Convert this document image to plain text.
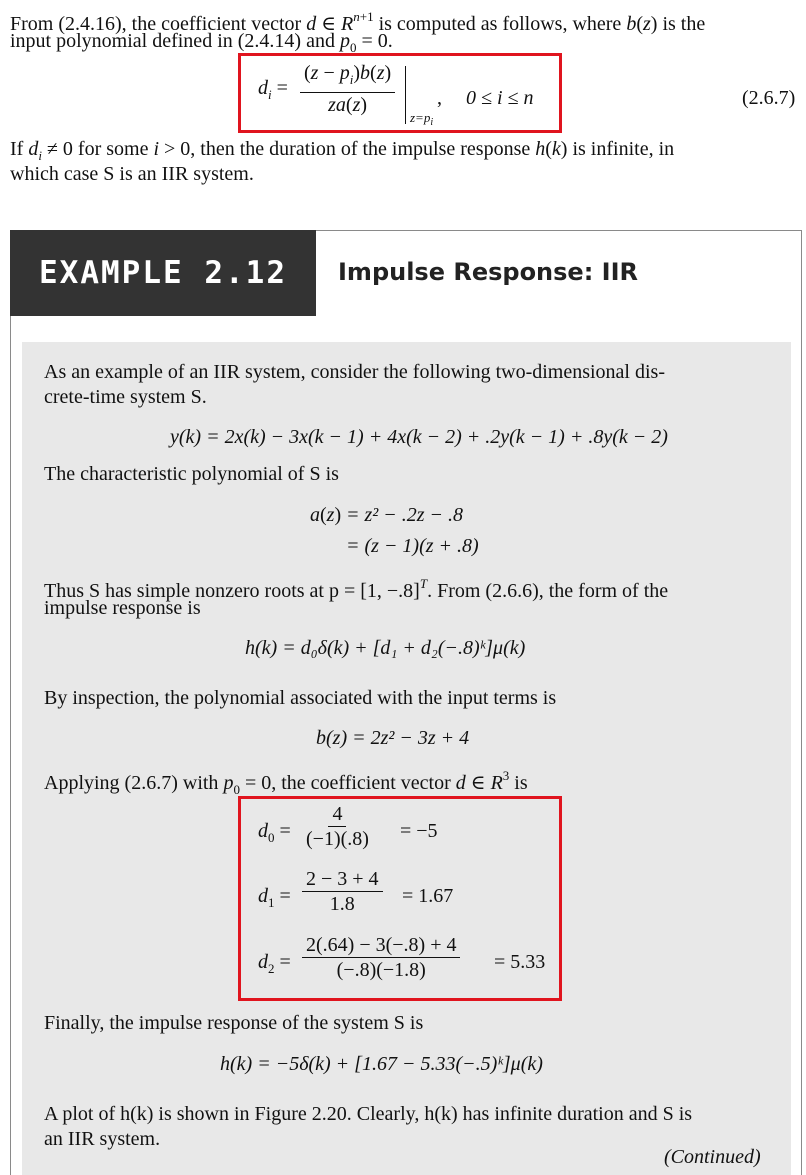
From (2.4.16), the coefficient vector d ∈ $R^{n+1}$ is computed as follows, where b(z) is the
input polynomial defined in (2.4.14) and $p_0 = 0$.
$d_i = \frac{(z - p_i)b(z)}{za(z)}$
$z=p_i$
, 0 ≤ i ≤ n	(2.6.7)
If $d_i \ne 0$ for some i > 0, then the duration of the impulse response h(k) is infinite, in
which case S is an IIR system.
EXAMPLE 2.12	Impulse Response: IIR
As an example of an IIR system, consider the following two-dimensional dis-
crete-time system S.
y(k) = 2x(k) − 3x(k − 1) + 4x(k − 2) + .2y(k − 1) + .8y(k − 2)
The characteristic polynomial of S is
a(z) = z² − .2z − .8
= (z − 1)(z + .8)
Thus S has simple nonzero roots at p = [1, −.8]$^T$. From (2.6.6), the form of the
impulse response is
h(k) = d₀δ(k) + [d₁ + d₂(−.8)ᵏ]μ(k)
By inspection, the polynomial associated with the input terms is
b(z) = 2z² − 3z + 4
Applying (2.6.7) with $p_0 = 0$, the coefficient vector d ∈ $R^3$ is
$d_0 = \frac{4}{(-1)(.8)} = -5$
$d_1 = \frac{2 - 3 + 4}{1.8} = 1.67$
$d_2 = \frac{2(.64) - 3(-.8) + 4}{(-.8)(-1.8)} = 5.33$
Finally, the impulse response of the system S is
h(k) = −5δ(k) + [1.67 − 5.33(−.5)ᵏ]μ(k)
A plot of h(k) is shown in Figure 2.20. Clearly, h(k) has infinite duration and S is
an IIR system.
(Continued)
